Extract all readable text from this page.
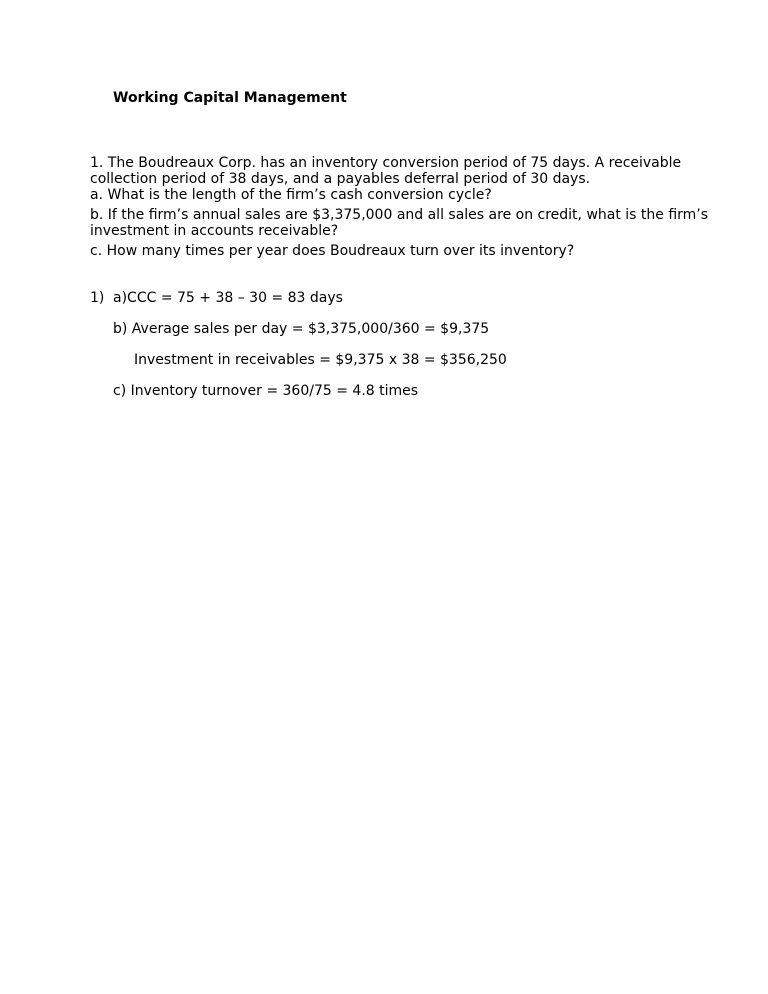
Working Capital Management

1. The Boudreaux Corp. has an inventory conversion period of 75 days. A receivable collection period of 38 days, and a payables deferral period of 30 days.

a. What is the length of the firm’s cash conversion cycle?

b. If the firm’s annual sales are $3,375,000 and all sales are on credit, what is the firm’s investment in accounts receivable?

c. How many times per year does Boudreaux turn over its inventory?

1) a)CCC = 75 + 38 – 30 = 83 days
b) Average sales per day = $3,375,000/360 = $9,375
Investment in receivables = $9,375 x 38 = $356,250
c) Inventory turnover = 360/75 = 4.8 times
